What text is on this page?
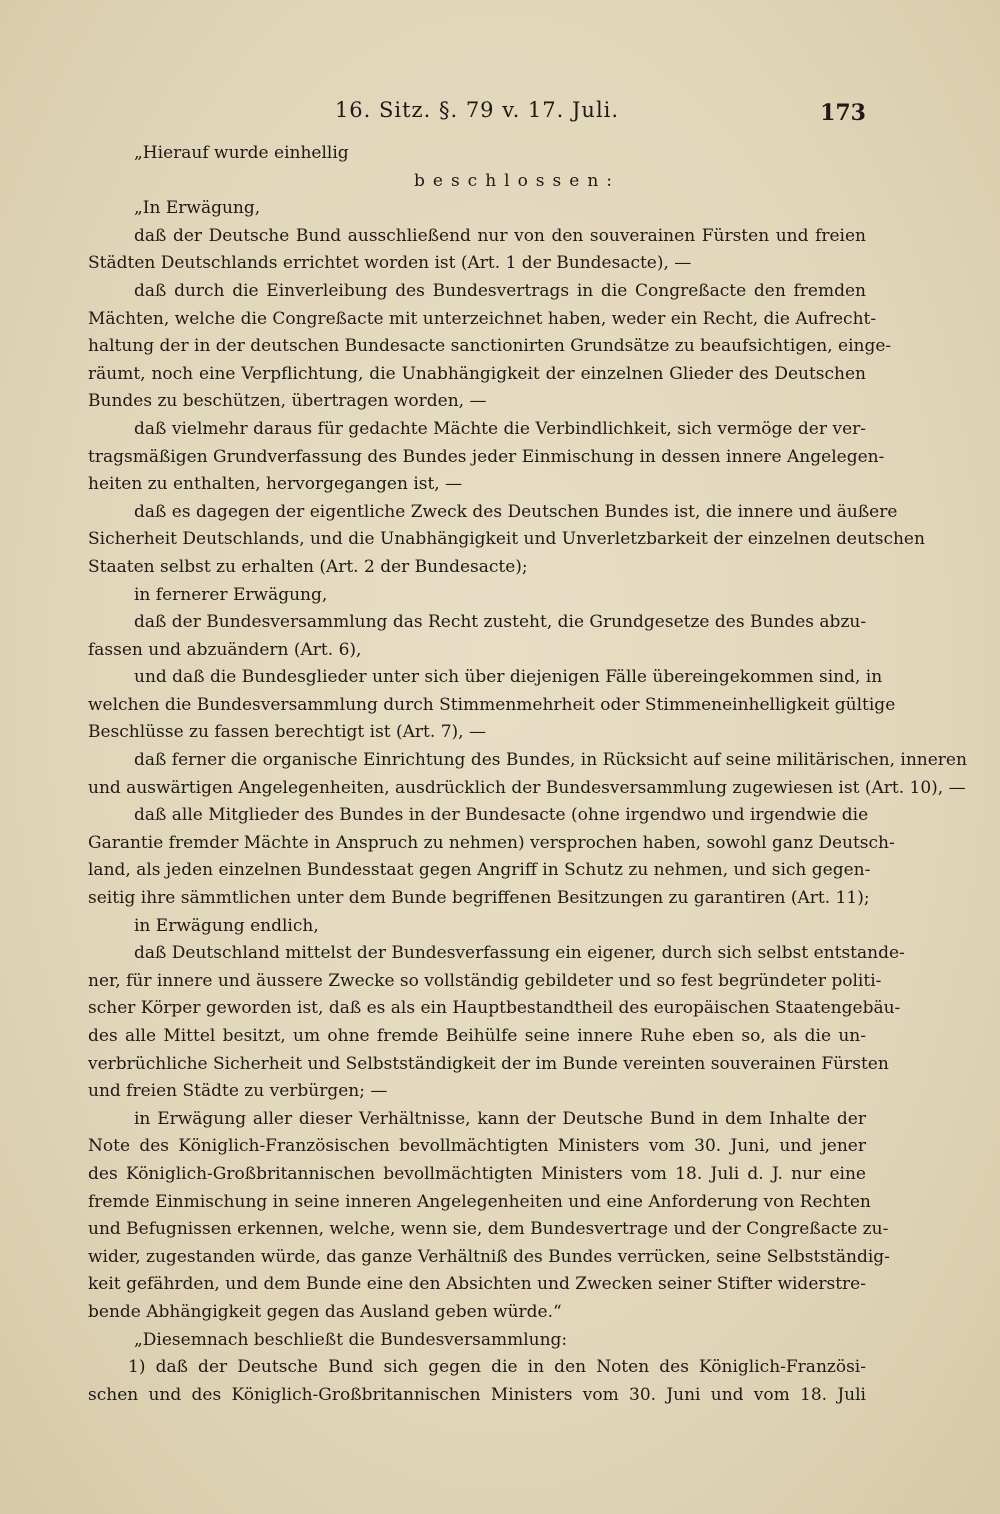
16. Sitz. §. 79 v. 17. Juli.	173
„Hierauf wurde einhellig
beschlossen:
„In Erwägung,
daß der Deutsche Bund ausschließend nur von den souverainen Fürsten und freien
Städten Deutschlands errichtet worden ist (Art. 1 der Bundesacte), —
daß durch die Einverleibung des Bundesvertrags in die Congreßacte den fremden
Mächten, welche die Congreßacte mit unterzeichnet haben, weder ein Recht, die Aufrecht-
haltung der in der deutschen Bundesacte sanctionirten Grundsätze zu beaufsichtigen, einge-
räumt, noch eine Verpflichtung, die Unabhängigkeit der einzelnen Glieder des Deutschen
Bundes zu beschützen, übertragen worden, —
daß vielmehr daraus für gedachte Mächte die Verbindlichkeit, sich vermöge der ver-
tragsmäßigen Grundverfassung des Bundes jeder Einmischung in dessen innere Angelegen-
heiten zu enthalten, hervorgegangen ist, —
daß es dagegen der eigentliche Zweck des Deutschen Bundes ist, die innere und äußere
Sicherheit Deutschlands, und die Unabhängigkeit und Unverletzbarkeit der einzelnen deutschen
Staaten selbst zu erhalten (Art. 2 der Bundesacte);
in fernerer Erwägung,
daß der Bundesversammlung das Recht zusteht, die Grundgesetze des Bundes abzu-
fassen und abzuändern (Art. 6),
und daß die Bundesglieder unter sich über diejenigen Fälle übereingekommen sind, in
welchen die Bundesversammlung durch Stimmenmehrheit oder Stimmeneinhelligkeit gültige
Beschlüsse zu fassen berechtigt ist (Art. 7), —
daß ferner die organische Einrichtung des Bundes, in Rücksicht auf seine militärischen, inneren
und auswärtigen Angelegenheiten, ausdrücklich der Bundesversammlung zugewiesen ist (Art. 10), —
daß alle Mitglieder des Bundes in der Bundesacte (ohne irgendwo und irgendwie die
Garantie fremder Mächte in Anspruch zu nehmen) versprochen haben, sowohl ganz Deutsch-
land, als jeden einzelnen Bundesstaat gegen Angriff in Schutz zu nehmen, und sich gegen-
seitig ihre sämmtlichen unter dem Bunde begriffenen Besitzungen zu garantiren (Art. 11);
in Erwägung endlich,
daß Deutschland mittelst der Bundesverfassung ein eigener, durch sich selbst entstande-
ner, für innere und äussere Zwecke so vollständig gebildeter und so fest begründeter politi-
scher Körper geworden ist, daß es als ein Hauptbestandtheil des europäischen Staatengebäu-
des alle Mittel besitzt, um ohne fremde Beihülfe seine innere Ruhe eben so, als die un-
verbrüchliche Sicherheit und Selbstständigkeit der im Bunde vereinten souverainen Fürsten
und freien Städte zu verbürgen; —
in Erwägung aller dieser Verhältnisse, kann der Deutsche Bund in dem Inhalte der
Note des Königlich-Französischen bevollmächtigten Ministers vom 30. Juni, und jener
des Königlich-Großbritannischen bevollmächtigten Ministers vom 18. Juli d. J. nur eine
fremde Einmischung in seine inneren Angelegenheiten und eine Anforderung von Rechten
und Befugnissen erkennen, welche, wenn sie, dem Bundesvertrage und der Congreßacte zu-
wider, zugestanden würde, das ganze Verhältniß des Bundes verrücken, seine Selbstständig-
keit gefährden, und dem Bunde eine den Absichten und Zwecken seiner Stifter widerstre-
bende Abhängigkeit gegen das Ausland geben würde.“
„Diesemnach beschließt die Bundesversammlung:
1) daß der Deutsche Bund sich gegen die in den Noten des Königlich-Französi-
schen und des Königlich-Großbritannischen Ministers vom 30. Juni und vom 18. Juli
